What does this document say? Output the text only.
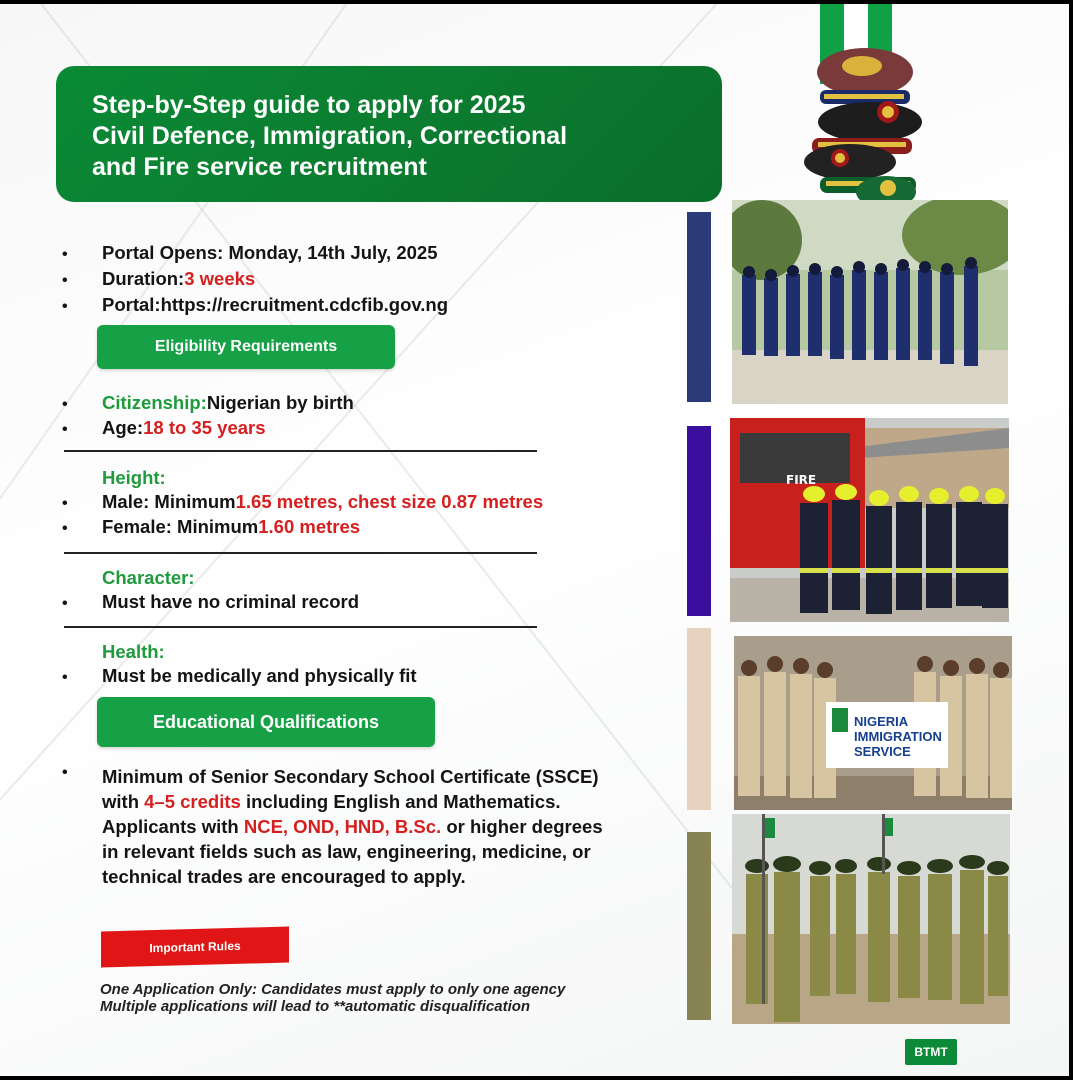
Step-by-Step guide to apply for 2025
Civil Defence, Immigration, Correctional
and Fire service recruitment
•	Portal Opens: Monday, 14th July, 2025
•	Duration: 3 weeks
•	Portal:https://recruitment.cdcfib.gov.ng
Eligibility Requirements
•	Citizenship: Nigerian by birth
•	Age: 18 to 35 years
Height:
•	Male: Minimum 1.65 metres, chest size 0.87 metres
•	Female: Minimum 1.60 metres
Character:
•	Must have no criminal record
Health:
•	Must be medically and physically fit
Educational Qualifications
• Minimum of Senior Secondary School Certificate (SSCE) with 4–5 credits including English and Mathematics. Applicants with NCE, OND, HND, B.Sc. or higher degrees in relevant fields such as law, engineering, medicine, or technical trades are encouraged to apply.
Important Rules
One Application Only: Candidates must apply to only one agency
Multiple applications will lead to **automatic disqualification
FIRE
NIGERIA
IMMIGRATION
SERVICE
BTMT
